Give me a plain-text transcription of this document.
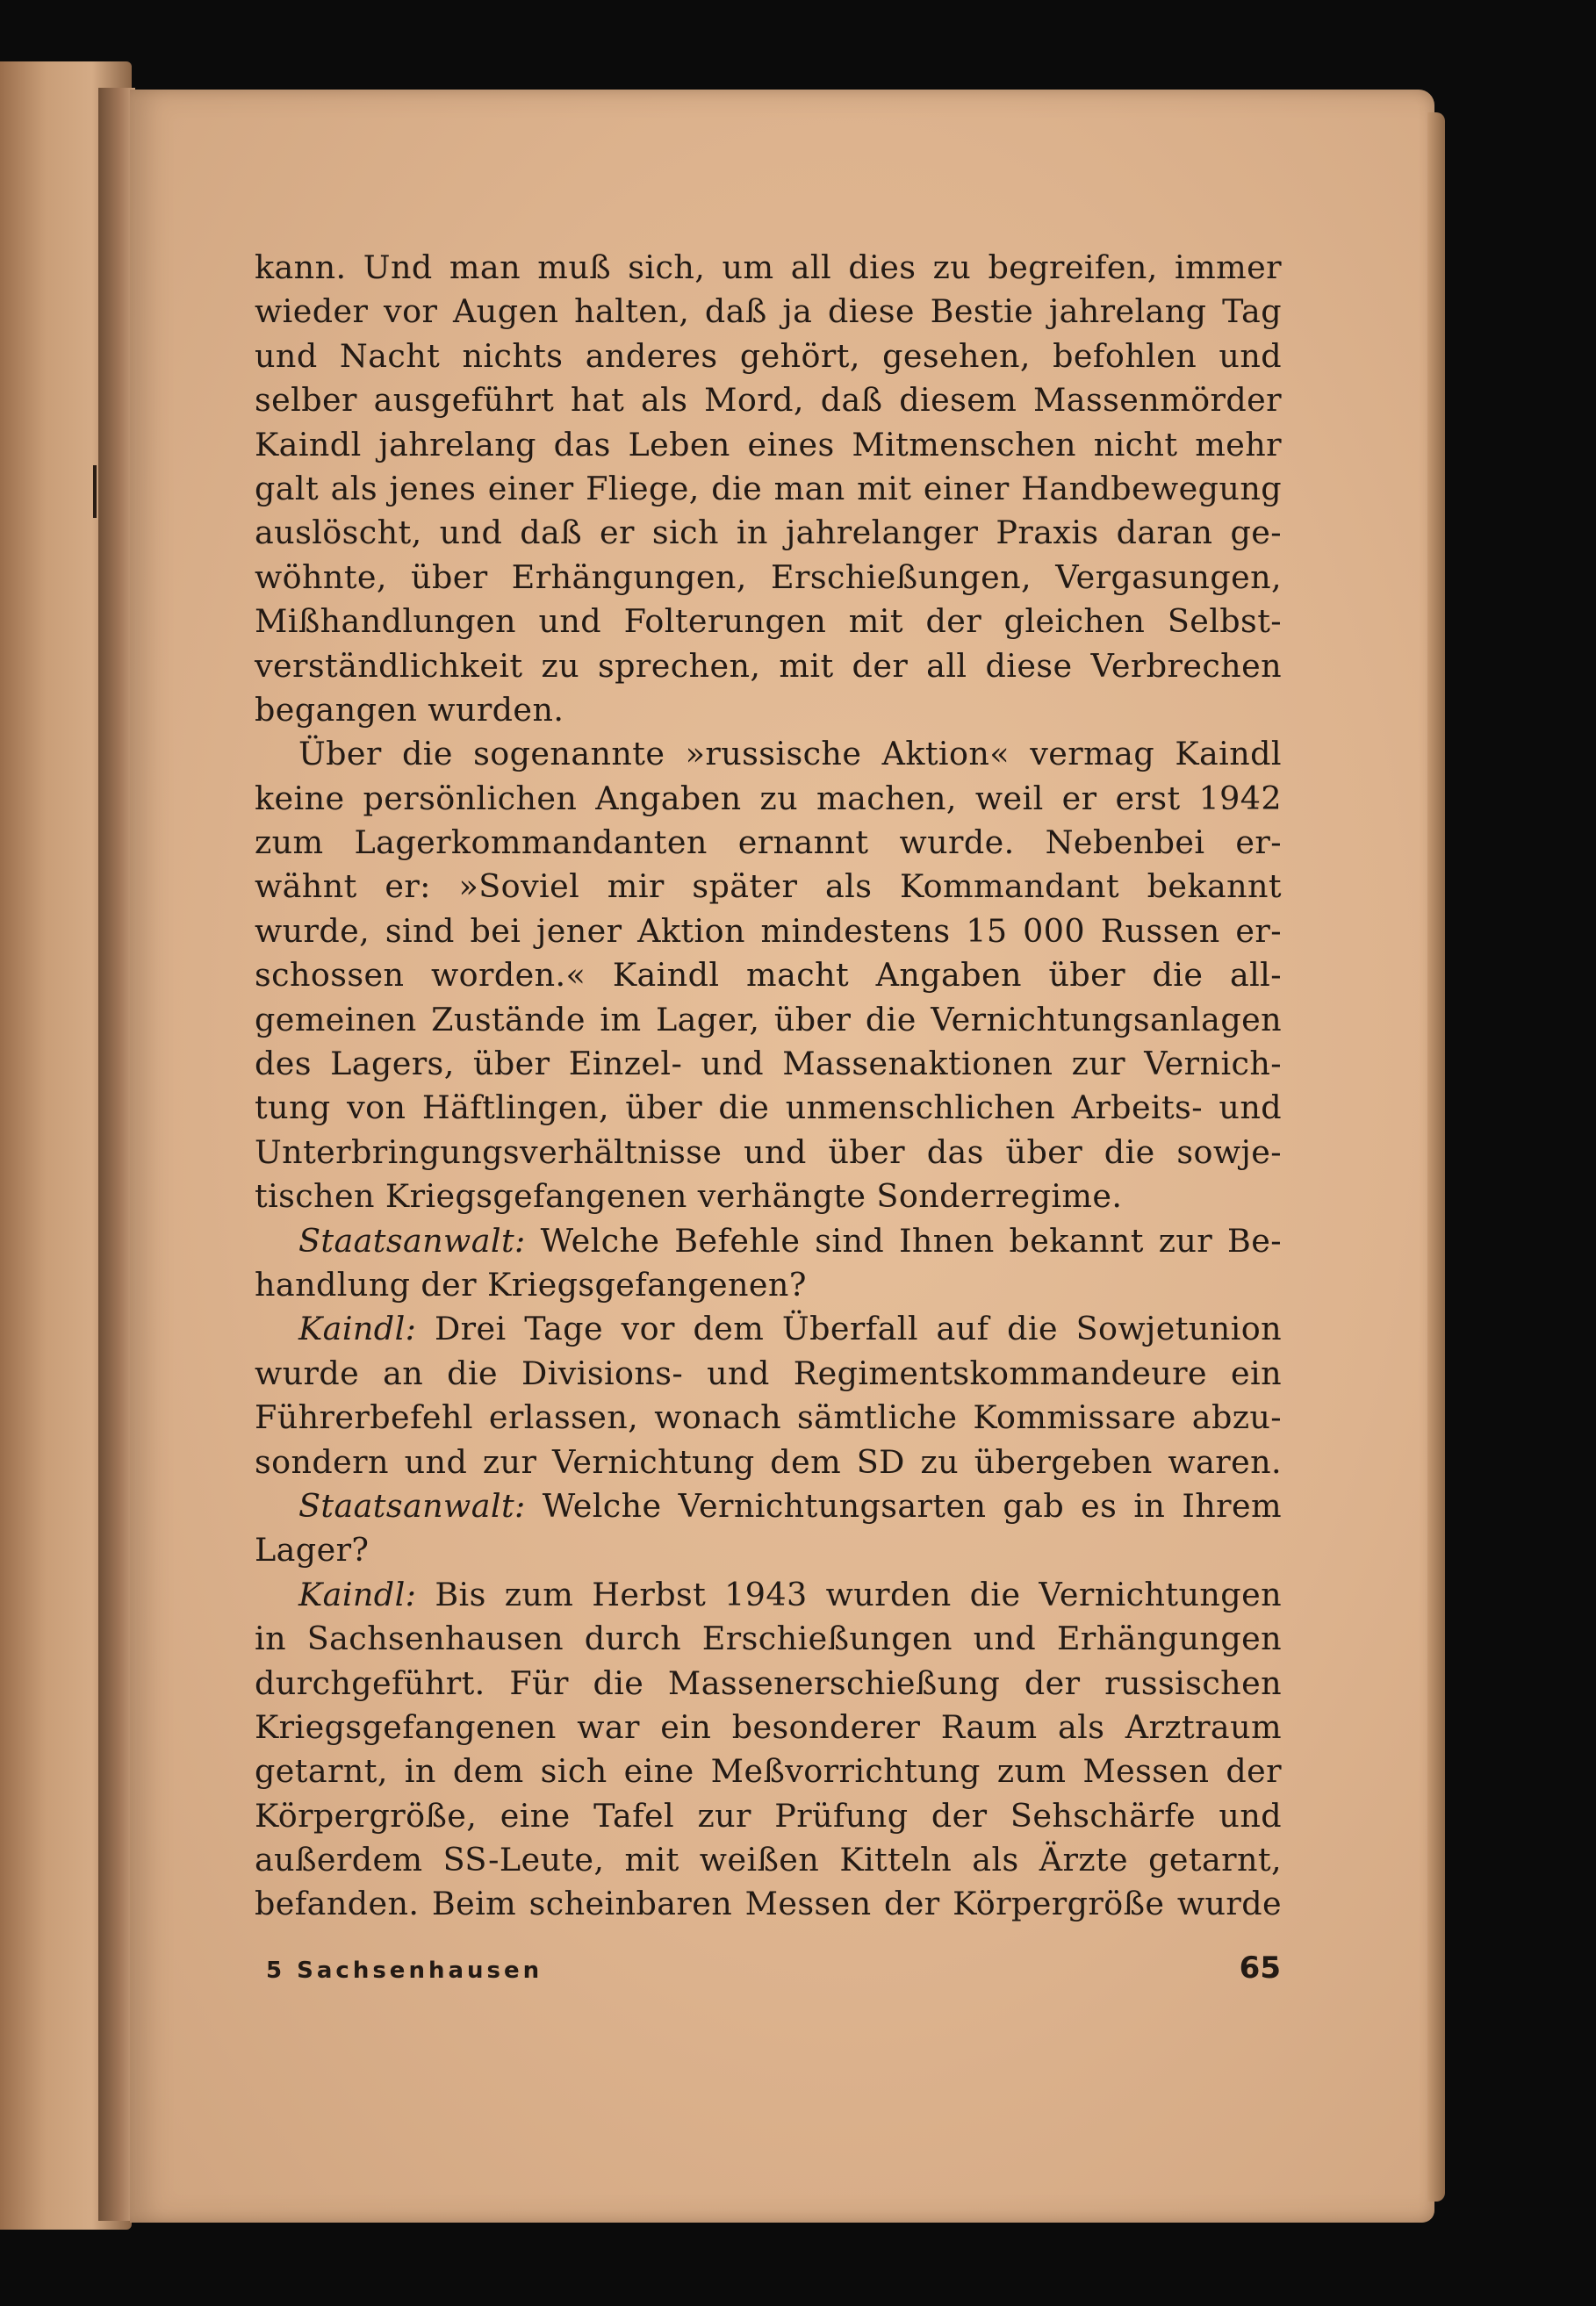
kann. Und man muß sich, um all dies zu begreifen, immer
wieder vor Augen halten, daß ja diese Bestie jahrelang Tag
und Nacht nichts anderes gehört, gesehen, befohlen und
selber ausgeführt hat als Mord, daß diesem Massenmörder
Kaindl jahrelang das Leben eines Mitmenschen nicht mehr
galt als jenes einer Fliege, die man mit einer Handbewegung
auslöscht, und daß er sich in jahrelanger Praxis daran ge-
wöhnte, über Erhängungen, Erschießungen, Vergasungen,
Mißhandlungen und Folterungen mit der gleichen Selbst-
verständlichkeit zu sprechen, mit der all diese Verbrechen
begangen wurden.
Über die sogenannte »russische Aktion« vermag Kaindl
keine persönlichen Angaben zu machen, weil er erst 1942
zum Lagerkommandanten ernannt wurde. Nebenbei er-
wähnt er: »Soviel mir später als Kommandant bekannt
wurde, sind bei jener Aktion mindestens 15 000 Russen er-
schossen worden.« Kaindl macht Angaben über die all-
gemeinen Zustände im Lager, über die Vernichtungsanlagen
des Lagers, über Einzel- und Massenaktionen zur Vernich-
tung von Häftlingen, über die unmenschlichen Arbeits- und
Unterbringungsverhältnisse und über das über die sowje-
tischen Kriegsgefangenen verhängte Sonderregime.
Staatsanwalt: Welche Befehle sind Ihnen bekannt zur Be-
handlung der Kriegsgefangenen?
Kaindl: Drei Tage vor dem Überfall auf die Sowjetunion
wurde an die Divisions- und Regimentskommandeure ein
Führerbefehl erlassen, wonach sämtliche Kommissare abzu-
sondern und zur Vernichtung dem SD zu übergeben waren.
Staatsanwalt: Welche Vernichtungsarten gab es in Ihrem
Lager?
Kaindl: Bis zum Herbst 1943 wurden die Vernichtungen
in Sachsenhausen durch Erschießungen und Erhängungen
durchgeführt. Für die Massenerschießung der russischen
Kriegsgefangenen war ein besonderer Raum als Arztraum
getarnt, in dem sich eine Meßvorrichtung zum Messen der
Körpergröße, eine Tafel zur Prüfung der Sehschärfe und
außerdem SS-Leute, mit weißen Kitteln als Ärzte getarnt,
befanden. Beim scheinbaren Messen der Körpergröße wurde
5 Sachsenhausen	65
